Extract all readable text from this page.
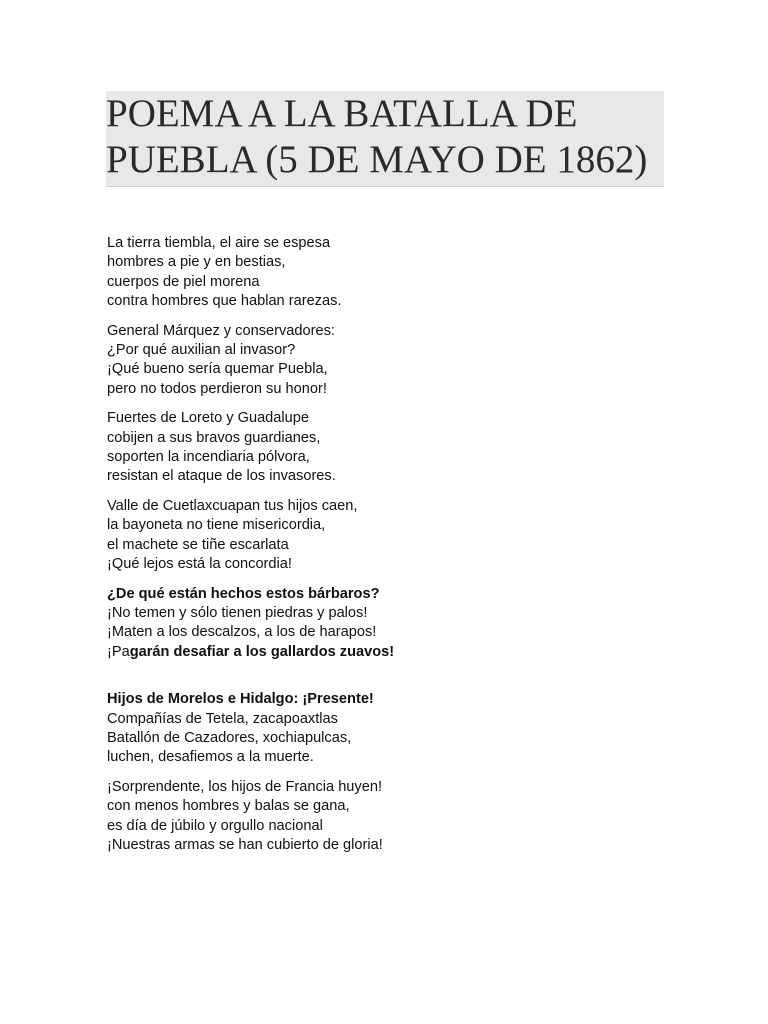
POEMA A LA BATALLA DE
PUEBLA (5 DE MAYO DE 1862)
La tierra tiembla, el aire se espesa
hombres a pie y en bestias,
cuerpos de piel morena
contra hombres que hablan rarezas.
General Márquez y conservadores:
¿Por qué auxilian al invasor?
¡Qué bueno sería quemar Puebla,
pero no todos perdieron su honor!
Fuertes de Loreto y Guadalupe
cobijen a sus bravos guardianes,
soporten la incendiaria pólvora,
resistan el ataque de los invasores.
Valle de Cuetlaxcuapan tus hijos caen,
la bayoneta no tiene misericordia,
el machete se tiñe escarlata
¡Qué lejos está la concordia!
¿De qué están hechos estos bárbaros?
¡No temen y sólo tienen piedras y palos!
¡Maten a los descalzos, a los de harapos!
¡Pagarán desafiar a los gallardos zuavos!
Hijos de Morelos e Hidalgo: ¡Presente!
Compañías de Tetela, zacapoaxtlas
Batallón de Cazadores, xochiapulcas,
luchen, desafiemos a la muerte.
¡Sorprendente, los hijos de Francia huyen!
con menos hombres y balas se gana,
es día de júbilo y orgullo nacional
¡Nuestras armas se han cubierto de gloria!
